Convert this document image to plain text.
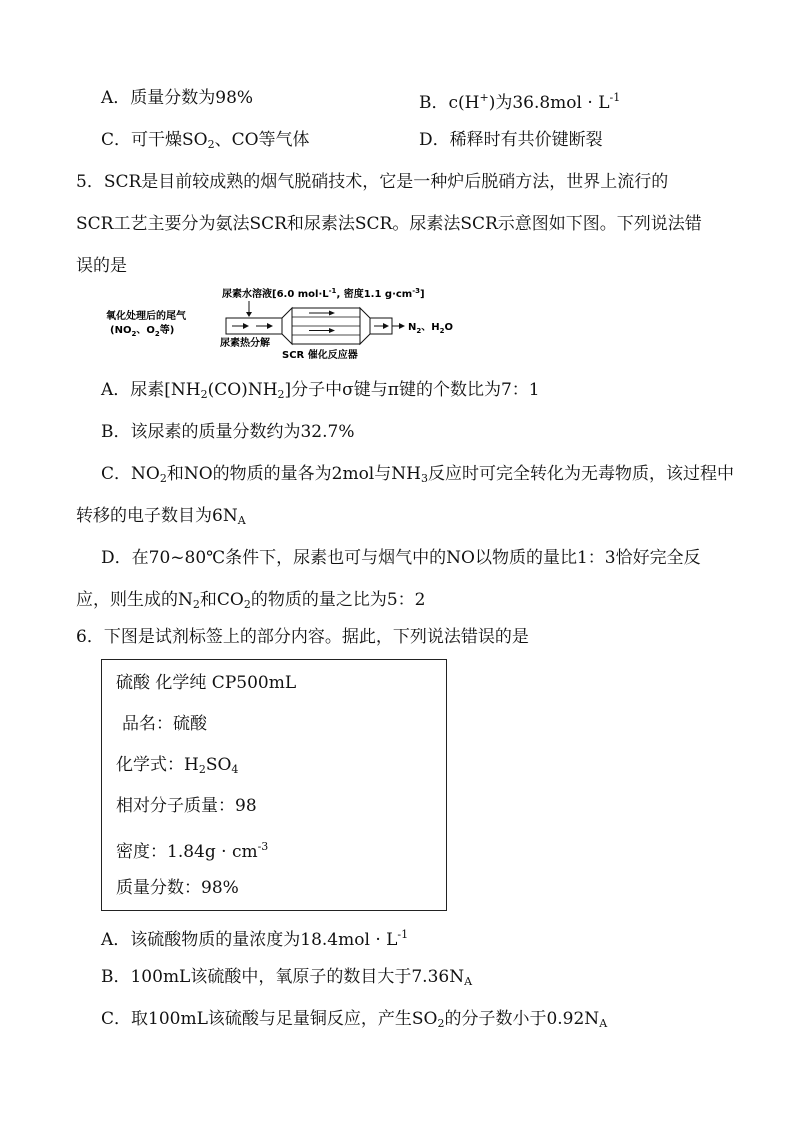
A．质量分数为98%	B．c(H+)为$36.8mol \cdot L^{-1}$
C．可干燥$SO_2$、CO等气体	D．稀释时有共价键断裂
5．SCR是目前较成熟的烟气脱硝技术，它是一种炉后脱硝方法，世界上流行的
SCR工艺主要分为氨法SCR和尿素法SCR。尿素法SCR示意图如下图。下列说法错
误的是
尿素水溶液[6.0 $mol\cdot L^{-1}$, 密度1.1 $g\cdot cm^{-3}$]
氧化处理后的尾气
($NO_2$、$O_2$等)	$N_2$、$H_2O$
尿素热分解
SCR 催化反应器
A．尿素$[NH_2(CO)NH_2]$分子中σ键与π键的个数比为7：1
B．该尿素的质量分数约为32.7%
C．$NO_2$和NO的物质的量各为2mol与$NH_3$反应时可完全转化为无毒物质，该过程中
转移的电子数目为$6N_A$
D．在70~80℃条件下，尿素也可与烟气中的NO以物质的量比1：3恰好完全反
应，则生成的$N_2$和$CO_2$的物质的量之比为5：2
6．下图是试剂标签上的部分内容。据此，下列说法错误的是
硫酸 化学纯 CP500mL
品名：硫酸
化学式：$H_2SO_4$
相对分子质量：98
密度：$1.84g \cdot cm^{-3}$
质量分数：98%
A．该硫酸物质的量浓度为$18.4mol \cdot L^{-1}$
B．100mL该硫酸中，氧原子的数目大于$7.36N_A$
C．取100mL该硫酸与足量铜反应，产生$SO_2$的分子数小于$0.92N_A$
